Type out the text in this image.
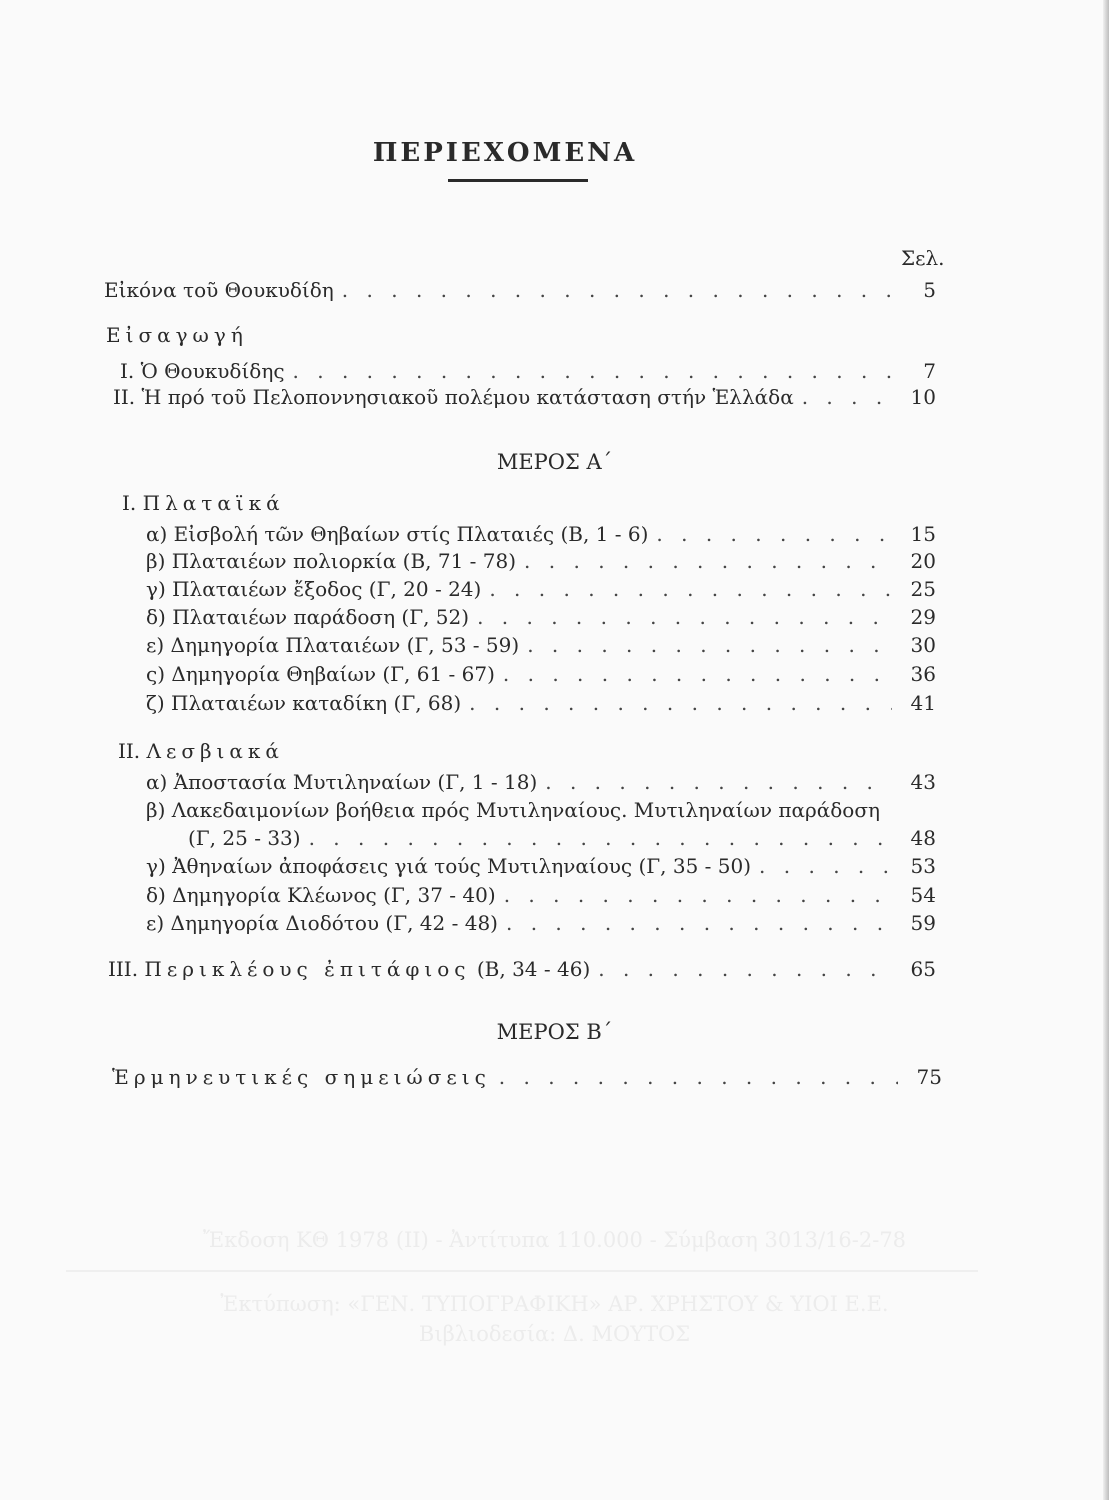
ΠΕΡΙΕΧΟΜΕΝΑ
Σελ.
Εἰκόνα τοῦ Θουκυδίδη . . .	5
Εἰσαγωγή
Ι. Ὁ Θουκυδίδης . . .	7
ΙΙ. Ἡ πρό τοῦ Πελοποννησιακοῦ πολέμου κατάσταση στήν Ἑλλάδα . . .	10
ΜΕΡΟΣ Α΄
Ι. Πλαταϊκά
α) Εἰσβολή τῶν Θηβαίων στίς Πλαταιές (Β, 1 - 6) . . .	15
β) Πλαταιέων πολιορκία (Β, 71 - 78) . . .	20
γ) Πλαταιέων ἔξοδος (Γ, 20 - 24) . . .	25
δ) Πλαταιέων παράδοση (Γ, 52) . . .	29
ε) Δημηγορία Πλαταιέων (Γ, 53 - 59) . . .	30
ς) Δημηγορία Θηβαίων (Γ, 61 - 67) . . .	36
ζ) Πλαταιέων καταδίκη (Γ, 68) . . .	41
ΙΙ. Λεσβιακά
α) Ἀποστασία Μυτιληναίων (Γ, 1 - 18) . . .	43
β) Λακεδαιμονίων βοήθεια πρός Μυτιληναίους. Μυτιληναίων παράδοση
(Γ, 25 - 33) . . .	48
γ) Ἀθηναίων ἀποφάσεις γιά τούς Μυτιληναίους (Γ, 35 - 50) . . .	53
δ) Δημηγορία Κλέωνος (Γ, 37 - 40) . . .	54
ε) Δημηγορία Διοδότου (Γ, 42 - 48) . . .	59
ΙΙΙ. Περικλέους ἐπιτάφιος (Β, 34 - 46) . . .	65
ΜΕΡΟΣ Β΄
Ἑρμηνευτικές σημειώσεις . . .	75
Ἔκδοση ΚΘ 1978 (ΙΙ) - Ἀντίτυπα 110.000 - Σύμβαση 3013/16-2-78
Ἐκτύπωση: «ΓΕΝ. ΤΥΠΟΓΡΑΦΙΚΗ» ΑΡ. ΧΡΗΣΤΟΥ & ΥΙΟΙ Ε.Ε.
Βιβλιοδεσία: Δ. ΜΟΥΤΟΣ
